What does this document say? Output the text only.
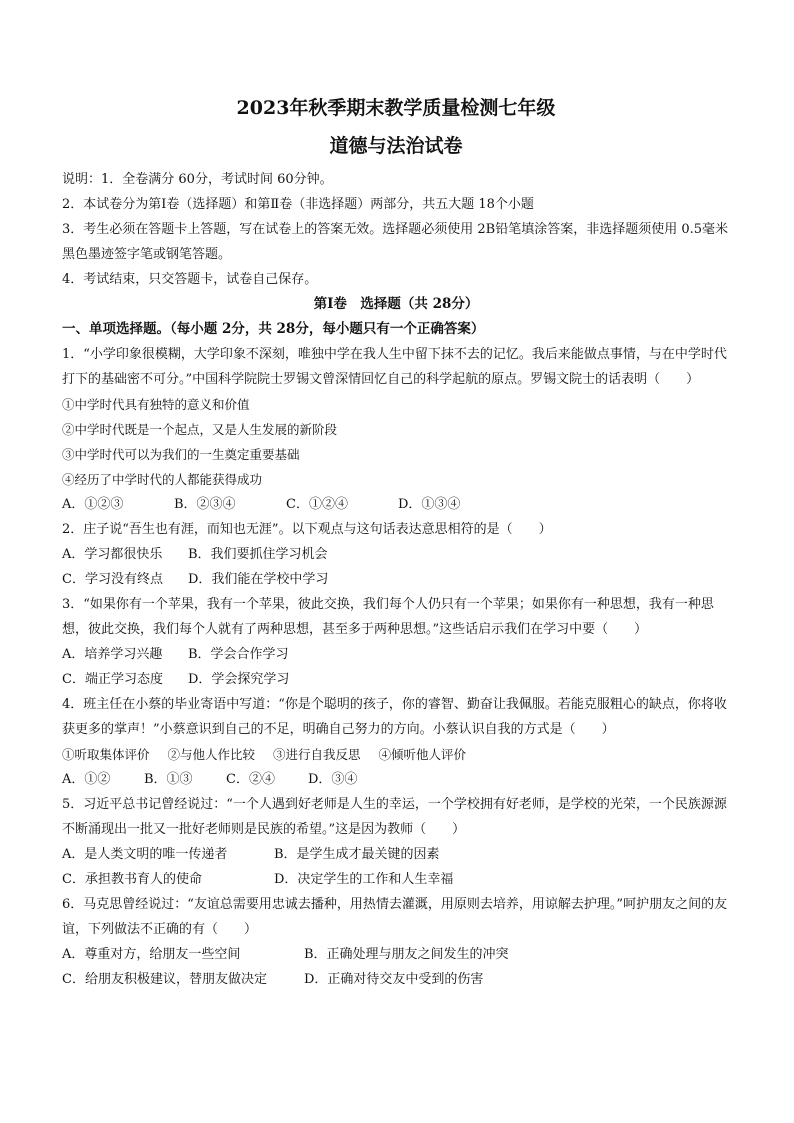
2023年秋季期末教学质量检测七年级
道德与法治试卷

说明：1．全卷满分 60分，考试时间 60分钟。

2．本试卷分为第Ⅰ卷（选择题）和第Ⅱ卷（非选择题）两部分，共五大题 18个小题

3．考生必须在答题卡上答题，写在试卷上的答案无效。选择题必须使用 2B铅笔填涂答案，非选择题须使用 0.5毫米黑色墨迹签字笔或钢笔答题。

4．考试结束，只交答题卡，试卷自己保存。

第Ⅰ卷　选择题（共 28分）
一、单项选择题。（每小题 2分，共 28分，每小题只有一个正确答案）

1．“小学印象很模糊，大学印象不深刻，唯独中学在我人生中留下抹不去的记忆。我后来能做点事情，与在中学时代打下的基础密不可分。”中国科学院院士罗锡文曾深情回忆自己的科学起航的原点。罗锡文院士的话表明（　　）

①中学时代具有独特的意义和价值

②中学时代既是一个起点，又是人生发展的新阶段

③中学时代可以为我们的一生奠定重要基础

④经历了中学时代的人都能获得成功

A．①②③	B．②③④	C．①②④	D．①③④

2．庄子说“吾生也有涯，而知也无涯”。以下观点与这句话表达意思相符的是（　　）

A．学习都很快乐	B．我们要抓住学习机会
C．学习没有终点	D．我们能在学校中学习

3．“如果你有一个苹果，我有一个苹果，彼此交换，我们每个人仍只有一个苹果；如果你有一种思想，我有一种思想，彼此交换，我们每个人就有了两种思想，甚至多于两种思想。”这些话启示我们在学习中要（　　）

A．培养学习兴趣	B．学会合作学习
C．端正学习态度	D．学会探究学习

4．班主任在小蔡的毕业寄语中写道：“你是个聪明的孩子，你的睿智、勤奋让我佩服。若能克服粗心的缺点，你将收获更多的掌声！”小蔡意识到自己的不足，明确自己努力的方向。小蔡认识自我的方式是（　　）

①听取集体评价 ②与他人作比较 ③进行自我反思 ④倾听他人评价
A．①②	B．①③	C．②④	D．③④

5．习近平总书记曾经说过：“一个人遇到好老师是人生的幸运，一个学校拥有好老师，是学校的光荣，一个民族源源不断涌现出一批又一批好老师则是民族的希望。”这是因为教师（　　）

A．是人类文明的唯一传递者	B．是学生成才最关键的因素
C．承担教书育人的使命	D．决定学生的工作和人生幸福

6．马克思曾经说过：“友谊总需要用忠诚去播种，用热情去灌溉，用原则去培养，用谅解去护理。”呵护朋友之间的友谊，下列做法不正确的有（　　）

A．尊重对方，给朋友一些空间	B．正确处理与朋友之间发生的冲突
C．给朋友积极建议，替朋友做决定	D．正确对待交友中受到的伤害
